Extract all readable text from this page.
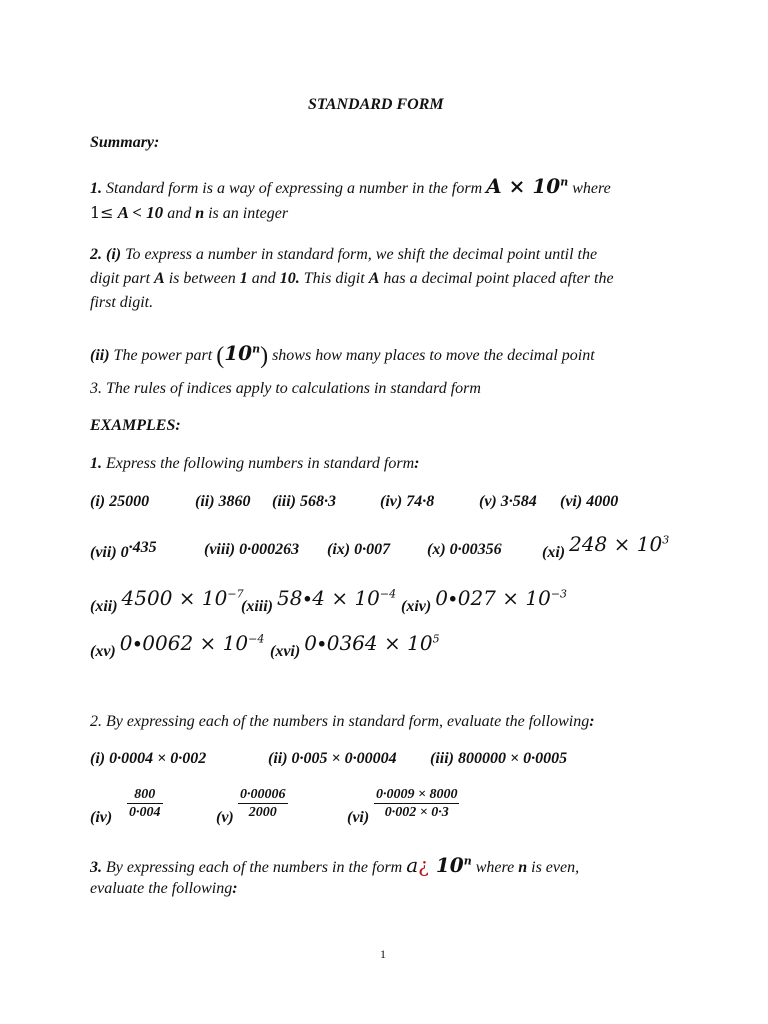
STANDARD FORM
Summary:
1. Standard form is a way of expressing a number in the form $A \times 10^n$ where
1≤ A < 10 and n is an integer
2. (i) To express a number in standard form, we shift the decimal point until the
digit part A is between 1 and 10. This digit A has a decimal point placed after the
first digit.
(ii) The power part (10$^n$) shows how many places to move the decimal point
3. The rules of indices apply to calculations in standard form
EXAMPLES:
1. Express the following numbers in standard form:
(i) 25000	(ii) 3860 (iii) 568∙3	(iv) 74∙8	(v) 3∙584 (vi) 4000
(vii) 0∙435	(viii) 0∙000263 (ix) 0∙007 (x) 0∙00356	(xi) $248 \times 10^3$
(xii) $4500 \times 10^{-7}$
(xiii) $58\cdot 4 \times 10^{-4}$
(xiv) $0\cdot 027 \times 10^{-3}$
(xv) $0\cdot 0062 \times 10^{-4}$
(xvi) $0\cdot 0364 \times 10^5$
2. By expressing each of the numbers in standard form, evaluate the following:
(i) 0∙0004 × 0∙002	(ii) 0∙005 × 0∙00004 (iii) 800000 × 0∙0005
$(iv) \frac{800}{0\cdot 004}$	$(v) \frac{0\cdot 00006}{2000}$	$(vi) \frac{0\cdot 0009 \times 8000}{0\cdot 002 \times 0\cdot 3}$
3. By expressing each of the numbers in the form a¿ 10$^n$ where n is even,
evaluate the following:
1
